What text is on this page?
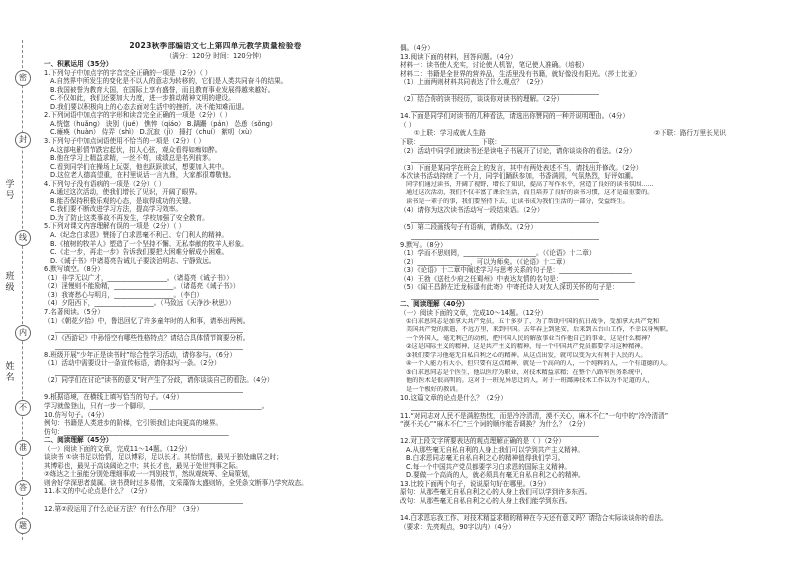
密
封
学号
线
班级
内
姓名
不
准
答
题

2023秋季部编语文七上第四单元教学质量检验卷

（满分：120分 时间：120分钟）

一、积累运用（35分）

1.下列句子中加点字的字音完全正确的一项是（2分）（ ）

A.自然界中所发生的变化是不以人的意志为转移的，它们是人类共同奋斗的结果。

B.我国被誉为教育大国，在国际上享有盛誉，而且教育事业发展得越来越好。

C.不仅如此，我们还要加大力度，进一步推动精神文明的建设。

D.我们要以积极向上的心态去面对生活中的挫折，决不能知难而退。

2.下列词语中加点字的字形和读音完全正确的一项是（2分）（ ）

A.恍惚（huǎng） 诀别（jué） 憔悴（qiáo） B.蹒跚（pán） 怂恿（sǒng）

C.瘫痪（huàn） 侍弄（shì） D.沉寂（jì） 捶打（chuí） 絮叨（xù）

3.下列句子中加点词语使用不恰当的一项是（2分）（ ）

A.这部电影情节跌宕起伏，扣人心弦，观众看得如痴如醉。

B.他在学习上精益求精，一丝不苟，成绩总是名列前茅。

C.看到同学们在操场上玩耍，他也跃跃欲试，想要加入其中。

D.这位老人德高望重，在村里说话一言九鼎，大家都很尊敬他。

4.下列句子没有语病的一项是（2分）（ ）

A.通过这次活动，使我们增长了见识，开阔了眼界。

B.能否保持积极乐观的心态，是取得成功的关键。

C.我们要不断改进学习方法，提高学习效率。

D.为了防止这类事故不再发生，学校加强了安全教育。

5.下列对课文内容理解有误的一项是（2分）（ ）

A.《纪念白求恩》赞扬了白求恩毫不利己、专门利人的精神。

B.《植树的牧羊人》塑造了一个坚持不懈、无私奉献的牧羊人形象。

C.《走一步，再走一步》告诉我们要把大困难分解成小困难。

D.《诫子书》中诸葛亮告诫儿子要淡泊明志、宁静致远。

6.默写填空。（8分）

（1）非学无以广才，__________________。（诸葛亮《诫子书》）

（2）淫慢则不能励精，__________________。（诸葛亮《诫子书》）

（3）我寄愁心与明月，__________________。（李白）

（4）夕阳西下，__________________。（马致远《天净沙·秋思》）

7.名著阅读。（5分）

（1）《朝花夕拾》中，鲁迅回忆了许多童年时的人和事，请举出两例。

_________________________________________________________

（2）《西游记》中孙悟空有哪些性格特点？请结合具体情节简要分析。

_________________________________________________________

8.班级开展“少年正是读书时”综合性学习活动，请你参与。（6分）

（1）活动中需要设计一条宣传标语，请你拟写一条。（2分）

_________________________________________________________

（2）同学们在讨论“读书的意义”时产生了分歧，请你谈谈自己的看法。（4分）

_________________________________________________________

9.根据语境，在横线上填写恰当的句子。（4分）

学习就像登山，只有一步一个脚印，__________________________________。

10.仿写句子。（4分）

例句：书籍是人类进步的阶梯，它引领我们走向更高的境界。

仿句：__________________________________________________

二、阅读理解（45分）

（一）阅读下面的文章，完成11～14题。（12分）

谈读书 ①读书足以怡情，足以博彩，足以长才。其怡情也，最见于独处幽居之时；

其博彩也，最见于高谈阔论之中；其长才也，最见于处世判事之际。

②练达之士虽能分别处理细事或一一判别枝节，然纵观统筹、全局策划，

则舍好学深思者莫属。读书费时过多易惰，文采藻饰太盛则矫，全凭条文断事乃学究故态。

11.本文的中心论点是什么？（2分）

_________________________________________________________

12.第②段运用了什么论证方法？有什么作用？（3分）

偶。（4分）

13.阅读下面的材料，回答问题。（4分）

材料一：读书使人充实，讨论使人机智，笔记使人准确。（培根）

材料二：书籍是全世界的营养品，生活里没有书籍，就好像没有阳光。（莎士比亚）

（1）上面两则材料共同表达了什么观点？（2分）

_________________________________________________________

（2）结合你的读书经历，谈谈你对读书的理解。（2分）

_________________________________________________________

14.下面是同学们对读书的几种看法，请选出你赞同的一种并说明理由。（4分）

（ ）

①上联：学习成就人生路	②下联：路行万里长见识

下联：__________________ 下联：__________________

（2）活动中同学们就读书还是读电子书展开了讨论，请你谈谈你的看法。（2分）

_________________________________________________________

（3）下面是某同学在班会上的发言，其中有两处表述不当，请找出并修改。（2分）

本次读书活动持续了一个月，同学们踊跃参加，书香满园，气氛热烈，好评如潮。

同学们通过读书，开阔了视野，增长了知识，提高了写作水平，营造了良好的读书氛围……

通过这次活动，我们不仅丰富了课余生活，而且培养了良好的读书习惯，这才是最重要的。

读书是一辈子的事，我们要坚持下去，让读书成为我们生活的一部分，受益终生。

（4）请你为这次读书活动写一段结束语。（2分）

_________________________________________________________

（5）第二段画线句子有语病，请修改。（2分）

_________________________________________________________

9.默写。（8分）

（1）学而不思则罔，______________________。（《论语》十二章）

（2）________________，可以为师矣。（《论语》十二章）

（3）《论语》十二章中阐述学习与思考关系的句子是：______________________

（4）王勃《送杜少府之任蜀州》中表达友情的名句是：______________________

（5）《闻王昌龄左迁龙标遥有此寄》中寄托诗人对友人深切关怀的句子是：

_________________________________________________________

二、阅读理解（40分）

（一）阅读下面的文章，完成10～14题。（12分）

①白求恩同志是加拿大共产党员，五十多岁了，为了帮助中国的抗日战争，受加拿大共产党和

美国共产党的派遣，不远万里，来到中国。去年春上到延安，后来到五台山工作，不幸以身殉职。

一个外国人，毫无利己的动机，把中国人民的解放事业当作他自己的事业，这是什么精神？

②这是国际主义的精神，这是共产主义的精神，每一个中国共产党员都要学习这种精神。

③我们要学习他毫无自私自利之心的精神。从这点出发，就可以变为大有利于人民的人。

④一个人能力有大小，但只要有这点精神，就是一个高尚的人，一个纯粹的人，一个有道德的人。

⑤白求恩同志是个医生，他以医疗为职业，对技术精益求精；在整个八路军医务系统中，

他的医术是很高明的。这对于一班见异思迁的人，对于一班鄙薄技术工作以为不足道的人，

是一个极好的教训。

10.这篇文章的论点是什么？（2分）

_________________________________________________________

11.“对同志对人民不是满腔热忱，而是冷冷清清，漠不关心，麻木不仁”一句中的“冷冷清清”

“漠不关心”“麻木不仁”三个词的顺序能否调换？为什么？（2分）

_________________________________________________________

12.对上段文字所要表达的观点理解正确的是（ ）（2分）

A.从那些毫无自私自利的人身上我们可以学到共产主义精神。

B.白求恩同志毫无自私自利之心的精神值得我们学习。

C.每一个中国共产党员都要学习白求恩的国际主义精神。

D.要做一个高尚的人，就必须具有毫无自私自利之心的精神。

13.比较下面两个句子，说说原句好在哪里。（3分）

原句：从那些毫无自私自利之心的人身上我们可以学到许多东西。

改句：从那些毫无自私自利之心的人身上我们能学到东西。

_________________________________________________________

14.白求恩忘我工作、对技术精益求精的精神在今天还有意义吗？请结合实际谈谈你的看法。

（要求：先亮观点，90字以内）（4分）
